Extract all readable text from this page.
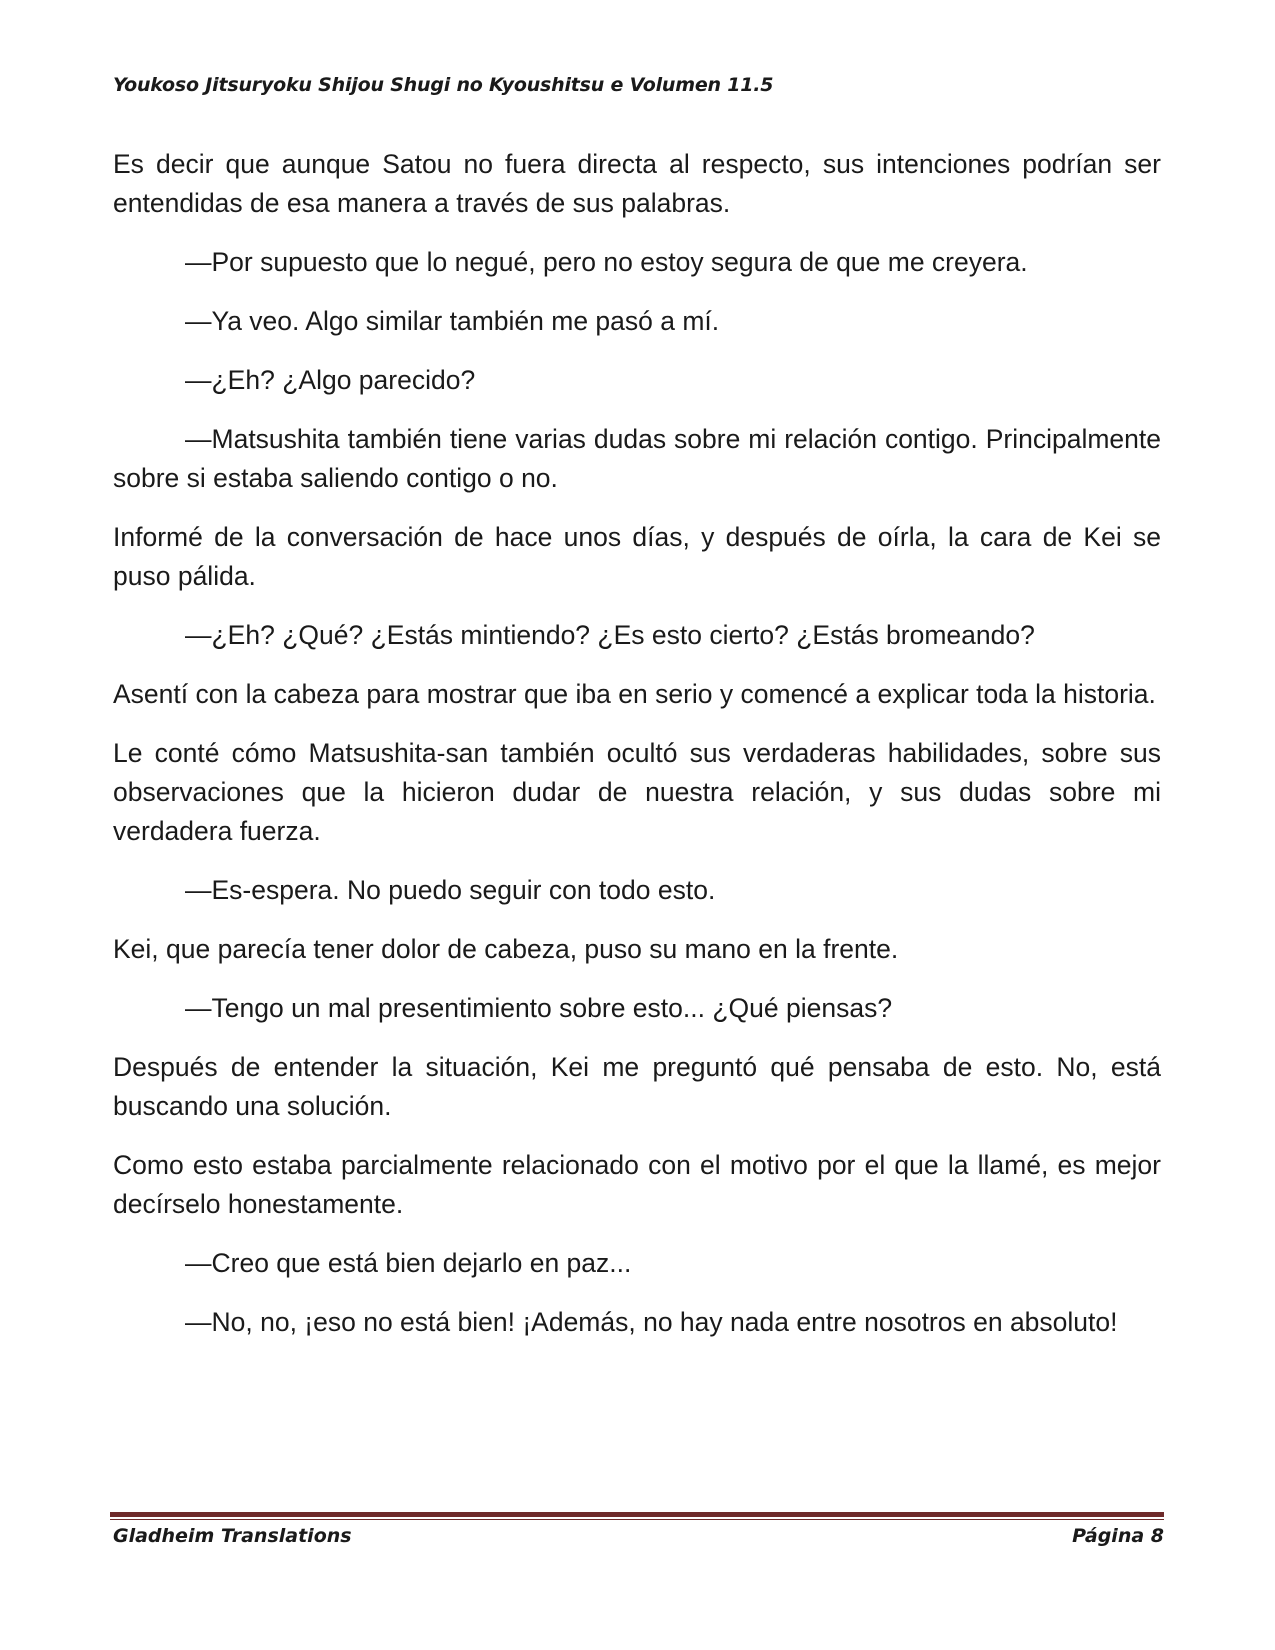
Youkoso Jitsuryoku Shijou Shugi no Kyoushitsu e Volumen 11.5

Es decir que aunque Satou no fuera directa al respecto, sus intenciones podrían ser entendidas de esa manera a través de sus palabras.

—Por supuesto que lo negué, pero no estoy segura de que me creyera.

—Ya veo. Algo similar también me pasó a mí.

—¿Eh? ¿Algo parecido?

—Matsushita también tiene varias dudas sobre mi relación contigo. Principalmente sobre si estaba saliendo contigo o no.

Informé de la conversación de hace unos días, y después de oírla, la cara de Kei se puso pálida.

—¿Eh? ¿Qué? ¿Estás mintiendo? ¿Es esto cierto? ¿Estás bromeando?

Asentí con la cabeza para mostrar que iba en serio y comencé a explicar toda la historia.

Le conté cómo Matsushita-san también ocultó sus verdaderas habilidades, sobre sus observaciones que la hicieron dudar de nuestra relación, y sus dudas sobre mi verdadera fuerza.

—Es-espera. No puedo seguir con todo esto.

Kei, que parecía tener dolor de cabeza, puso su mano en la frente.

—Tengo un mal presentimiento sobre esto... ¿Qué piensas?

Después de entender la situación, Kei me preguntó qué pensaba de esto. No, está buscando una solución.

Como esto estaba parcialmente relacionado con el motivo por el que la llamé, es mejor decírselo honestamente.

—Creo que está bien dejarlo en paz...

—No, no, ¡eso no está bien! ¡Además, no hay nada entre nosotros en absoluto!

Gladheim Translations	Página 8
